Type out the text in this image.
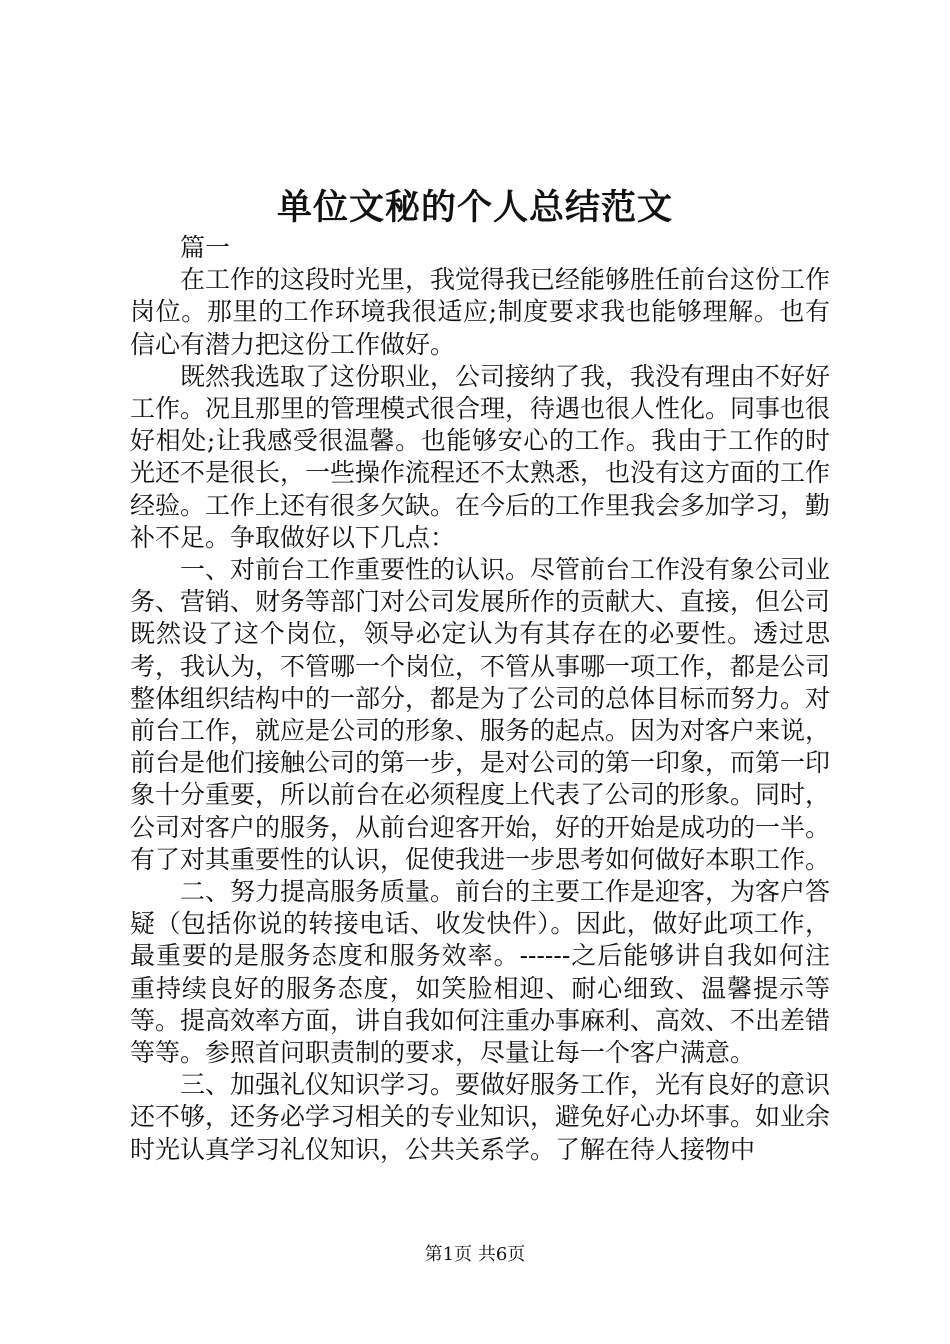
单位文秘的个人总结范文

篇一

在工作的这段时光里，我觉得我已经能够胜任前台这份工作岗位。那里的工作环境我很适应;制度要求我也能够理解。也有信心有潜力把这份工作做好。

既然我选取了这份职业，公司接纳了我，我没有理由不好好工作。况且那里的管理模式很合理，待遇也很人性化。同事也很好相处;让我感受很温馨。也能够安心的工作。我由于工作的时光还不是很长，一些操作流程还不太熟悉，也没有这方面的工作经验。工作上还有很多欠缺。在今后的工作里我会多加学习，勤补不足。争取做好以下几点：

一、对前台工作重要性的认识。尽管前台工作没有象公司业务、营销、财务等部门对公司发展所作的贡献大、直接，但公司既然设了这个岗位，领导必定认为有其存在的必要性。透过思考，我认为，不管哪一个岗位，不管从事哪一项工作，都是公司整体组织结构中的一部分，都是为了公司的总体目标而努力。对前台工作，就应是公司的形象、服务的起点。因为对客户来说，前台是他们接触公司的第一步，是对公司的第一印象，而第一印象十分重要，所以前台在必须程度上代表了公司的形象。同时，公司对客户的服务，从前台迎客开始，好的开始是成功的一半。有了对其重要性的认识，促使我进一步思考如何做好本职工作。

二、努力提高服务质量。前台的主要工作是迎客，为客户答疑（包括你说的转接电话、收发快件）。因此，做好此项工作，最重要的是服务态度和服务效率。------之后能够讲自我如何注重持续良好的服务态度，如笑脸相迎、耐心细致、温馨提示等等。提高效率方面，讲自我如何注重办事麻利、高效、不出差错等等。参照首问职责制的要求，尽量让每一个客户满意。

三、加强礼仪知识学习。要做好服务工作，光有良好的意识还不够，还务必学习相关的专业知识，避免好心办坏事。如业余时光认真学习礼仪知识，公共关系学。了解在待人接物中

第1页 共6页
